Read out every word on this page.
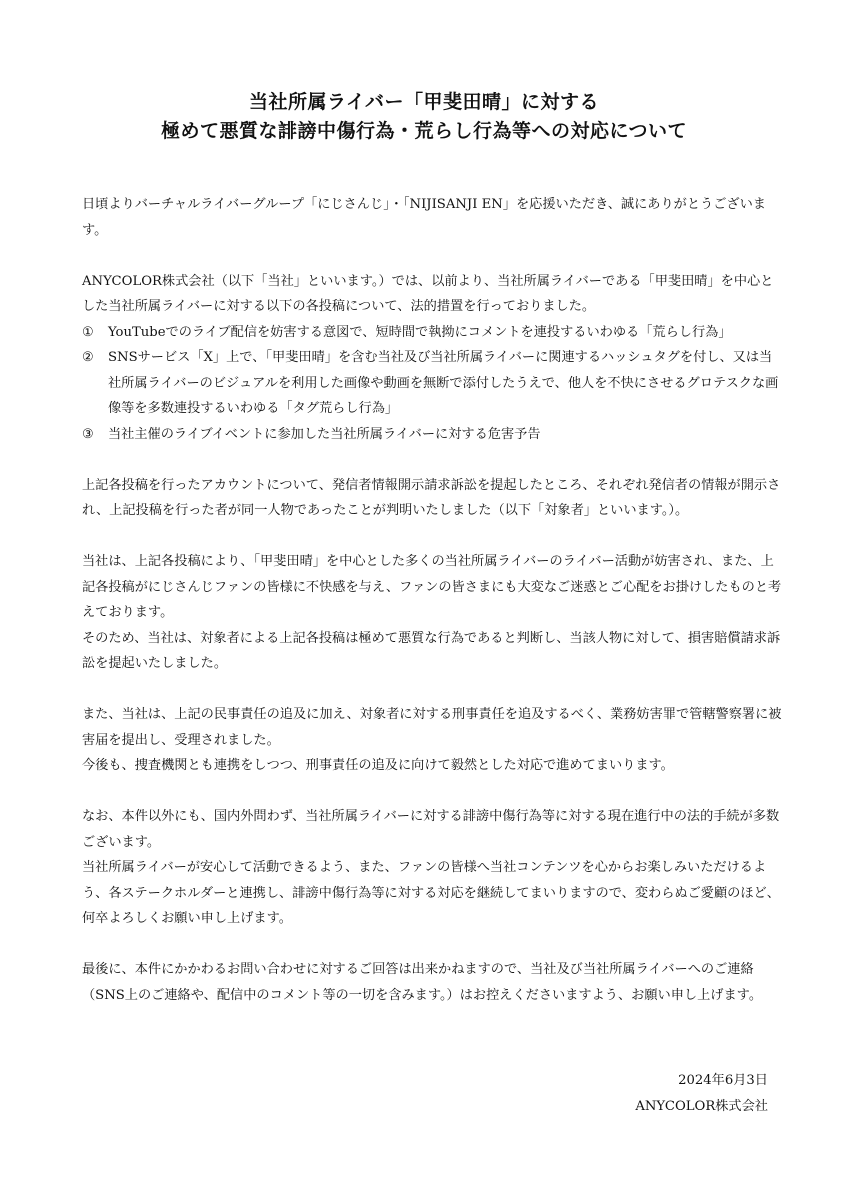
当社所属ライバー「甲斐田晴」に対する
極めて悪質な誹謗中傷行為・荒らし行為等への対応について

日頃よりバーチャルライバーグループ「にじさんじ」・「NIJISANJI EN」を応援いただき、誠にありがとうございます。

ANYCOLOR株式会社（以下「当社」といいます。）では、以前より、当社所属ライバーである「甲斐田晴」を中心とした当社所属ライバーに対する以下の各投稿について、法的措置を行っておりました。

①	YouTubeでのライブ配信を妨害する意図で、短時間で執拗にコメントを連投するいわゆる「荒らし行為」
②	SNSサービス「X」上で、「甲斐田晴」を含む当社及び当社所属ライバーに関連するハッシュタグを付し、又は当社所属ライバーのビジュアルを利用した画像や動画を無断で添付したうえで、他人を不快にさせるグロテスクな画像等を多数連投するいわゆる「タグ荒らし行為」
③	当社主催のライブイベントに参加した当社所属ライバーに対する危害予告

上記各投稿を行ったアカウントについて、発信者情報開示請求訴訟を提起したところ、それぞれ発信者の情報が開示され、上記投稿を行った者が同一人物であったことが判明いたしました（以下「対象者」といいます。）。

当社は、上記各投稿により、「甲斐田晴」を中心とした多くの当社所属ライバーのライバー活動が妨害され、また、上記各投稿がにじさんじファンの皆様に不快感を与え、ファンの皆さまにも大変なご迷惑とご心配をお掛けしたものと考えております。

そのため、当社は、対象者による上記各投稿は極めて悪質な行為であると判断し、当該人物に対して、損害賠償請求訴訟を提起いたしました。

また、当社は、上記の民事責任の追及に加え、対象者に対する刑事責任を追及するべく、業務妨害罪で管轄警察署に被害届を提出し、受理されました。

今後も、捜査機関とも連携をしつつ、刑事責任の追及に向けて毅然とした対応で進めてまいります。

なお、本件以外にも、国内外問わず、当社所属ライバーに対する誹謗中傷行為等に対する現在進行中の法的手続が多数ございます。

当社所属ライバーが安心して活動できるよう、また、ファンの皆様へ当社コンテンツを心からお楽しみいただけるよう、各ステークホルダーと連携し、誹謗中傷行為等に対する対応を継続してまいりますので、変わらぬご愛顧のほど、何卒よろしくお願い申し上げます。

最後に、本件にかかわるお問い合わせに対するご回答は出来かねますので、当社及び当社所属ライバーへのご連絡（SNS上のご連絡や、配信中のコメント等の一切を含みます。）はお控えくださいますよう、お願い申し上げます。

2024年6月3日
ANYCOLOR株式会社
